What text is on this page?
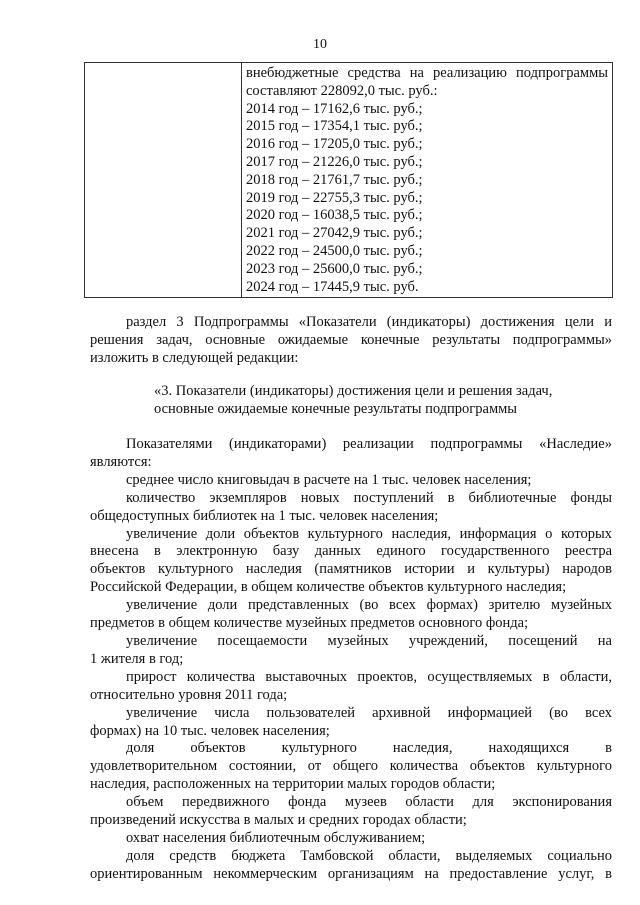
10

внебюджетные средства на реализацию подпрограммы
составляют 228092,0 тыс. руб.:
2014 год – 17162,6 тыс. руб.;
2015 год – 17354,1 тыс. руб.;
2016 год – 17205,0 тыс. руб.;
2017 год – 21226,0 тыс. руб.;
2018 год – 21761,7 тыс. руб.;
2019 год – 22755,3 тыс. руб.;
2020 год – 16038,5 тыс. руб.;
2021 год – 27042,9 тыс. руб.;
2022 год – 24500,0 тыс. руб.;
2023 год – 25600,0 тыс. руб.;
2024 год – 17445,9 тыс. руб.
раздел 3 Подпрограммы «Показатели (индикаторы) достижения цели и
решения задач, основные ожидаемые конечные результаты подпрограммы»
изложить в следующей редакции:
«3. Показатели (индикаторы) достижения цели и решения задач,
основные ожидаемые конечные результаты подпрограммы
Показателями (индикаторами) реализации подпрограммы «Наследие»
являются:
среднее число книговыдач в расчете на 1 тыс. человек населения;
количество экземпляров новых поступлений в библиотечные фонды
общедоступных библиотек на 1 тыс. человек населения;
увеличение доли объектов культурного наследия, информация о которых
внесена в электронную базу данных единого государственного реестра
объектов культурного наследия (памятников истории и культуры) народов
Российской Федерации, в общем количестве объектов культурного наследия;
увеличение доли представленных (во всех формах) зрителю музейных
предметов в общем количестве музейных предметов основного фонда;
увеличение посещаемости музейных учреждений, посещений на
1 жителя в год;
прирост количества выставочных проектов, осуществляемых в области,
относительно уровня 2011 года;
увеличение числа пользователей архивной информацией (во всех
формах) на 10 тыс. человек населения;
доля объектов культурного наследия, находящихся в
удовлетворительном состоянии, от общего количества объектов культурного
наследия, расположенных на территории малых городов области;
объем передвижного фонда музеев области для экспонирования
произведений искусства в малых и средних городах области;
охват населения библиотечным обслуживанием;
доля средств бюджета Тамбовской области, выделяемых социально
ориентированным некоммерческим организациям на предоставление услуг, в
